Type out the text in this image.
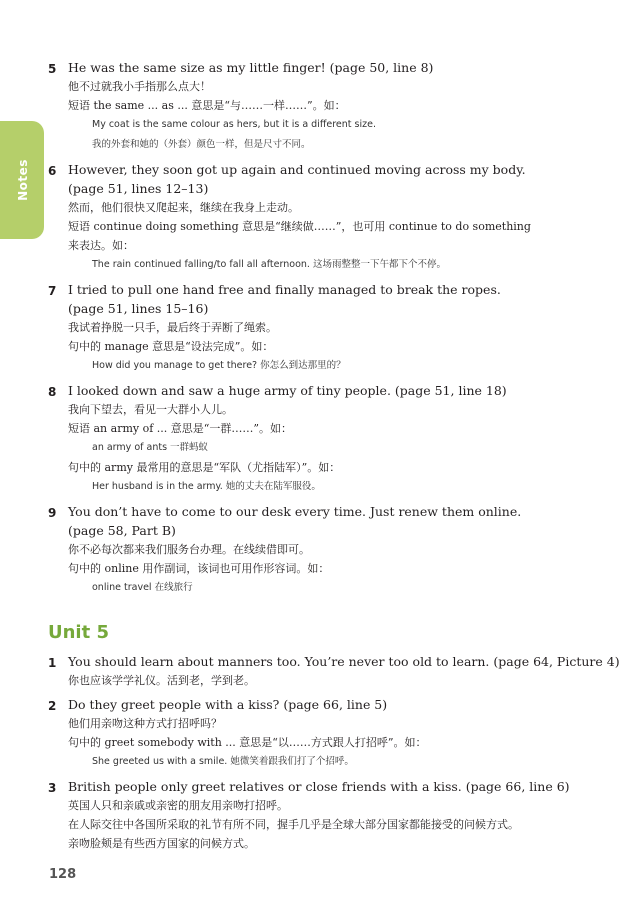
Notes
5 He was the same size as my little finger! (page 50, line 8)
他不过就我小手指那么点大！
短语 the same ... as ... 意思是“与……一样……”。如：
My coat is the same colour as hers, but it is a different size.
我的外套和她的（外套）颜色一样，但是尺寸不同。
6 However, they soon got up again and continued moving across my body.
(page 51, lines 12–13)
然而，他们很快又爬起来，继续在我身上走动。
短语 continue doing something 意思是“继续做……”，也可用 continue to do something
来表达。如：
The rain continued falling/to fall all afternoon. 这场雨整整一下午都下个不停。
7 I tried to pull one hand free and finally managed to break the ropes.
(page 51, lines 15–16)
我试着挣脱一只手，最后终于弄断了绳索。
句中的 manage 意思是“设法完成”。如：
How did you manage to get there? 你怎么到达那里的？
8 I looked down and saw a huge army of tiny people. (page 51, line 18)
我向下望去，看见一大群小人儿。
短语 an army of ... 意思是“一群……”。如：
an army of ants 一群蚂蚁
句中的 army 最常用的意思是“军队（尤指陆军）”。如：
Her husband is in the army. 她的丈夫在陆军服役。
9 You don’t have to come to our desk every time. Just renew them online.
(page 58, Part B)
你不必每次都来我们服务台办理。在线续借即可。
句中的 online 用作副词，该词也可用作形容词。如：
online travel 在线旅行
Unit 5
1 You should learn about manners too. You’re never too old to learn. (page 64, Picture 4)
你也应该学学礼仪。活到老，学到老。
2 Do they greet people with a kiss? (page 66, line 5)
他们用亲吻这种方式打招呼吗？
句中的 greet somebody with ... 意思是“以……方式跟人打招呼”。如：
She greeted us with a smile. 她微笑着跟我们打了个招呼。
3 British people only greet relatives or close friends with a kiss. (page 66, line 6)
英国人只和亲戚或亲密的朋友用亲吻打招呼。
在人际交往中各国所采取的礼节有所不同，握手几乎是全球大部分国家都能接受的问候方式。
亲吻脸颊是有些西方国家的问候方式。
128
